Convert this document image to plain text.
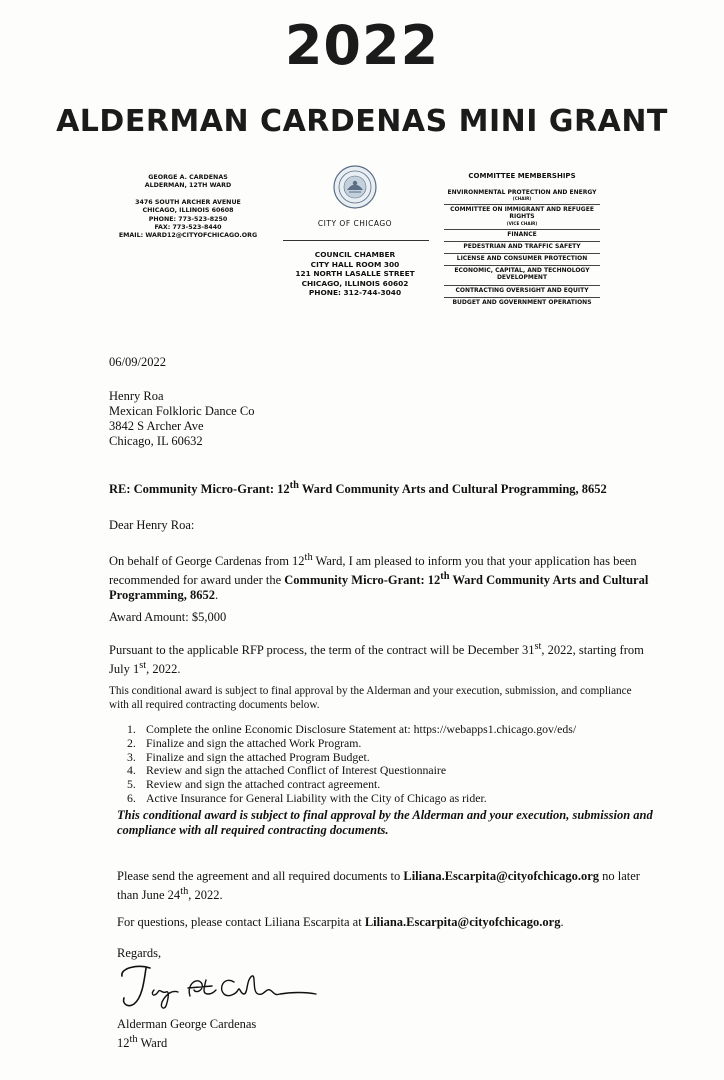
2022
ALDERMAN CARDENAS MINI GRANT
GEORGE A. CARDENAS
ALDERMAN, 12TH WARD
3476 SOUTH ARCHER AVENUE
CHICAGO, ILLINOIS 60608
PHONE: 773-523-8250
FAX: 773-523-8440
EMAIL: WARD12@CITYOFCHICAGO.ORG
CITY OF CHICAGO
COUNCIL CHAMBER
CITY HALL ROOM 300
121 NORTH LASALLE STREET
CHICAGO, ILLINOIS 60602
PHONE: 312-744-3040
COMMITTEE MEMBERSHIPS
ENVIRONMENTAL PROTECTION AND ENERGY
(CHAIR)
COMMITTEE ON IMMIGRANT AND REFUGEE RIGHTS
(VICE CHAIR)
FINANCE
PEDESTRIAN AND TRAFFIC SAFETY
LICENSE AND CONSUMER PROTECTION
ECONOMIC, CAPITAL, AND TECHNOLOGY DEVELOPMENT
CONTRACTING OVERSIGHT AND EQUITY
BUDGET AND GOVERNMENT OPERATIONS
06/09/2022
Henry Roa
Mexican Folkloric Dance Co
3842 S Archer Ave
Chicago, IL 60632
RE: Community Micro-Grant: 12th Ward Community Arts and Cultural Programming, 8652
Dear Henry Roa:
On behalf of George Cardenas from 12th Ward, I am pleased to inform you that your application has been recommended for award under the Community Micro-Grant: 12th Ward Community Arts and Cultural Programming, 8652.
Award Amount: $5,000
Pursuant to the applicable RFP process, the term of the contract will be December 31st, 2022, starting from July 1st, 2022.
This conditional award is subject to final approval by the Alderman and your execution, submission, and compliance with all required contracting documents below.
1. Complete the online Economic Disclosure Statement at: https://webapps1.chicago.gov/eds/
2. Finalize and sign the attached Work Program.
3. Finalize and sign the attached Program Budget.
4. Review and sign the attached Conflict of Interest Questionnaire
5. Review and sign the attached contract agreement.
6. Active Insurance for General Liability with the City of Chicago as rider.
This conditional award is subject to final approval by the Alderman and your execution, submission and compliance with all required contracting documents.
Please send the agreement and all required documents to Liliana.Escarpita@cityofchicago.org no later than June 24th, 2022.
For questions, please contact Liliana Escarpita at Liliana.Escarpita@cityofchicago.org.
Regards,
Alderman George Cardenas
12th Ward
